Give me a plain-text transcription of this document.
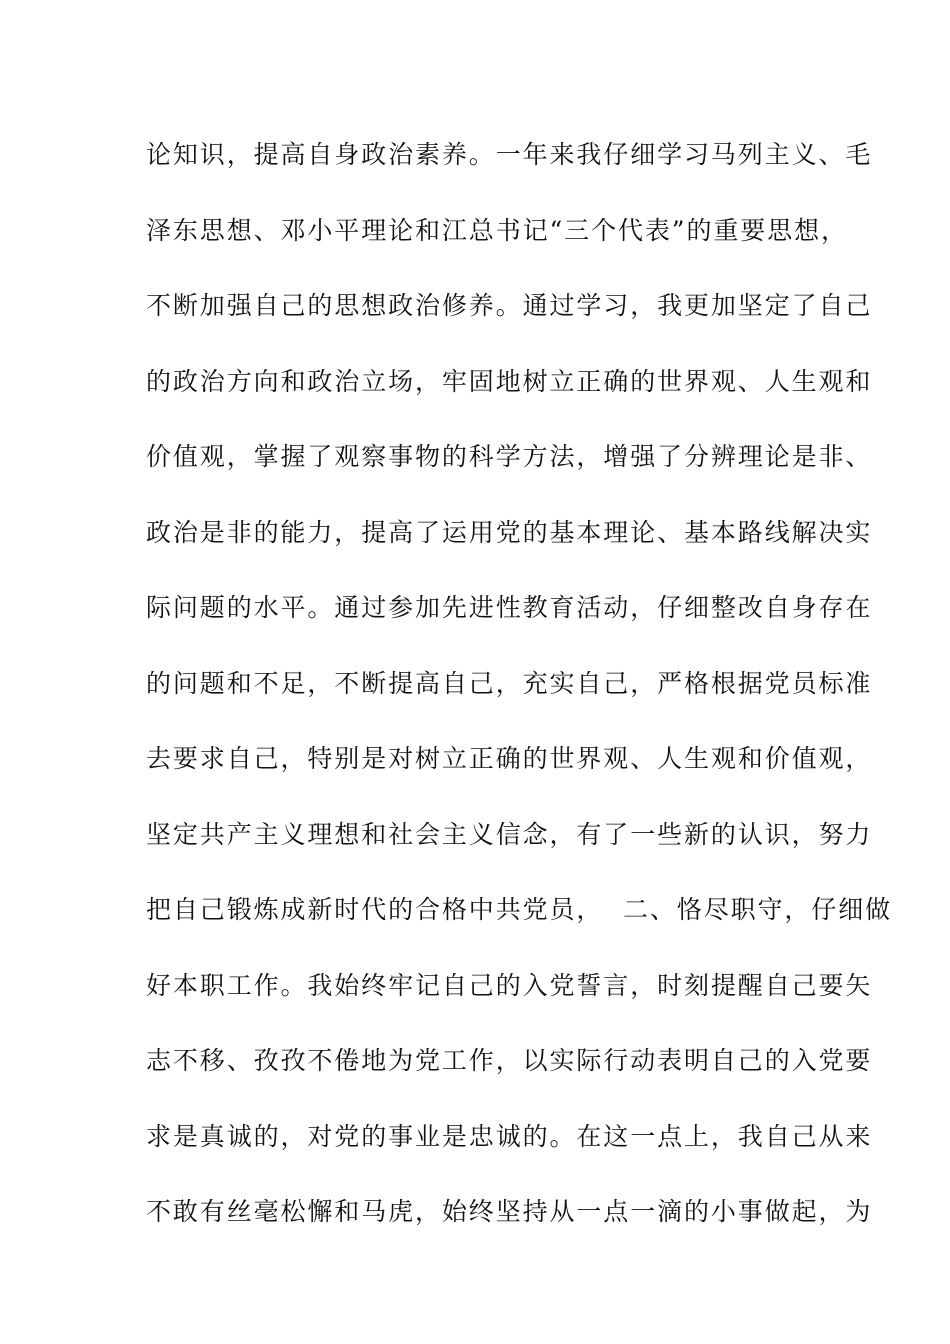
论知识，提高自身政治素养。一年来我仔细学习马列主义、毛
泽东思想、邓小平理论和江总书记“三个代表”的重要思想，
不断加强自己的思想政治修养。通过学习，我更加坚定了自己
的政治方向和政治立场，牢固地树立正确的世界观、人生观和
价值观，掌握了观察事物的科学方法，增强了分辨理论是非、
政治是非的能力，提高了运用党的基本理论、基本路线解决实
际问题的水平。通过参加先进性教育活动，仔细整改自身存在
的问题和不足，不断提高自己，充实自己，严格根据党员标准
去要求自己，特别是对树立正确的世界观、人生观和价值观，
坚定共产主义理想和社会主义信念，有了一些新的认识，努力
把自己锻炼成新时代的合格中共党员，  二、恪尽职守，仔细做
好本职工作。我始终牢记自己的入党誓言，时刻提醒自己要矢
志不移、孜孜不倦地为党工作，以实际行动表明自己的入党要
求是真诚的，对党的事业是忠诚的。在这一点上，我自己从来
不敢有丝毫松懈和马虎，始终坚持从一点一滴的小事做起，为
